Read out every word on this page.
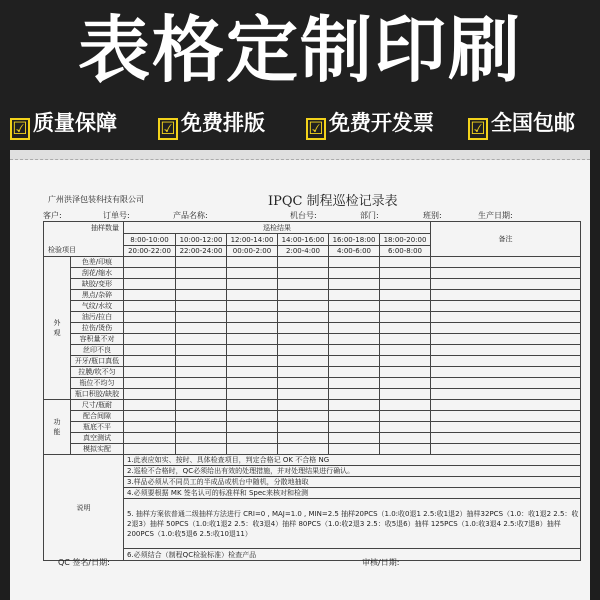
表格定制印刷
☑ 质量保障	☑ 免费排版	☑ 免费开发票 ☑ 全国包邮
广州洪泽包装科技有限公司	IPQC 制程巡检记录表
客户:	订单号:	产品名称:	机台号:	部门:	班别:	生产日期:
抽样数量
检验项目		巡检结果						备注
		8:00-10:00	10:00-12:00	12:00-14:00	14:00-16:00	16:00-18:00	18:00-20:00	
		20:00-22:00	22:00-24:00	00:00-2:00	2:00-4:00	4:00-6:00	6:00-8:00	
外观	色差/印痕							
	刮花/缩水							
	缺胶/变形							
	黑点/杂碎							
	气纹/水纹							
	油污/拉白							
	拉伤/烫伤							
	容积量不对							
	丝印不良							
	开牙/瓶口真低							
	拉膜/吹不匀							
	瓶位不均匀							
	瓶口积胶/缺胶							
功能	尺寸/瓶耐							
	配合间隙							
	瓶底不平							
	真空测试							
	模拟实配							
说明		1.此表应如实、按时、具体检查项目，判定合格记 OK 不合格 NG						
		2.巡检不合格时，QC必须给出有效的处理措施，并对处理结果进行确认。						
		3.样品必须从不同员工的半成品或机台中随机，分散地抽取						
		4.必须要根据 MK 签名认可的标准样和 Spec来核对和检测						
		5. 抽样方案依普通二级抽样方法进行 CRI=0 , MAJ=1.0 , MIN=2.5 抽样20PCS（1.0:收0退1 2.5:收1退2）抽样32PCS（1.0：收1退2 2.5：收2退3）抽样 50PCS（1.0:收1退2 2.5：收3退4）抽样 80PCS（1.0:收2退3 2.5：收5退6）抽样 125PCS（1.0:收3退4 2.5:收7退8）抽样 200PCS（1.0:收5退6 2.5:收10退11）						
		6.必须结合（制程QC检验标准）检查产品						
QC 签名/日期:	审核/日期:
